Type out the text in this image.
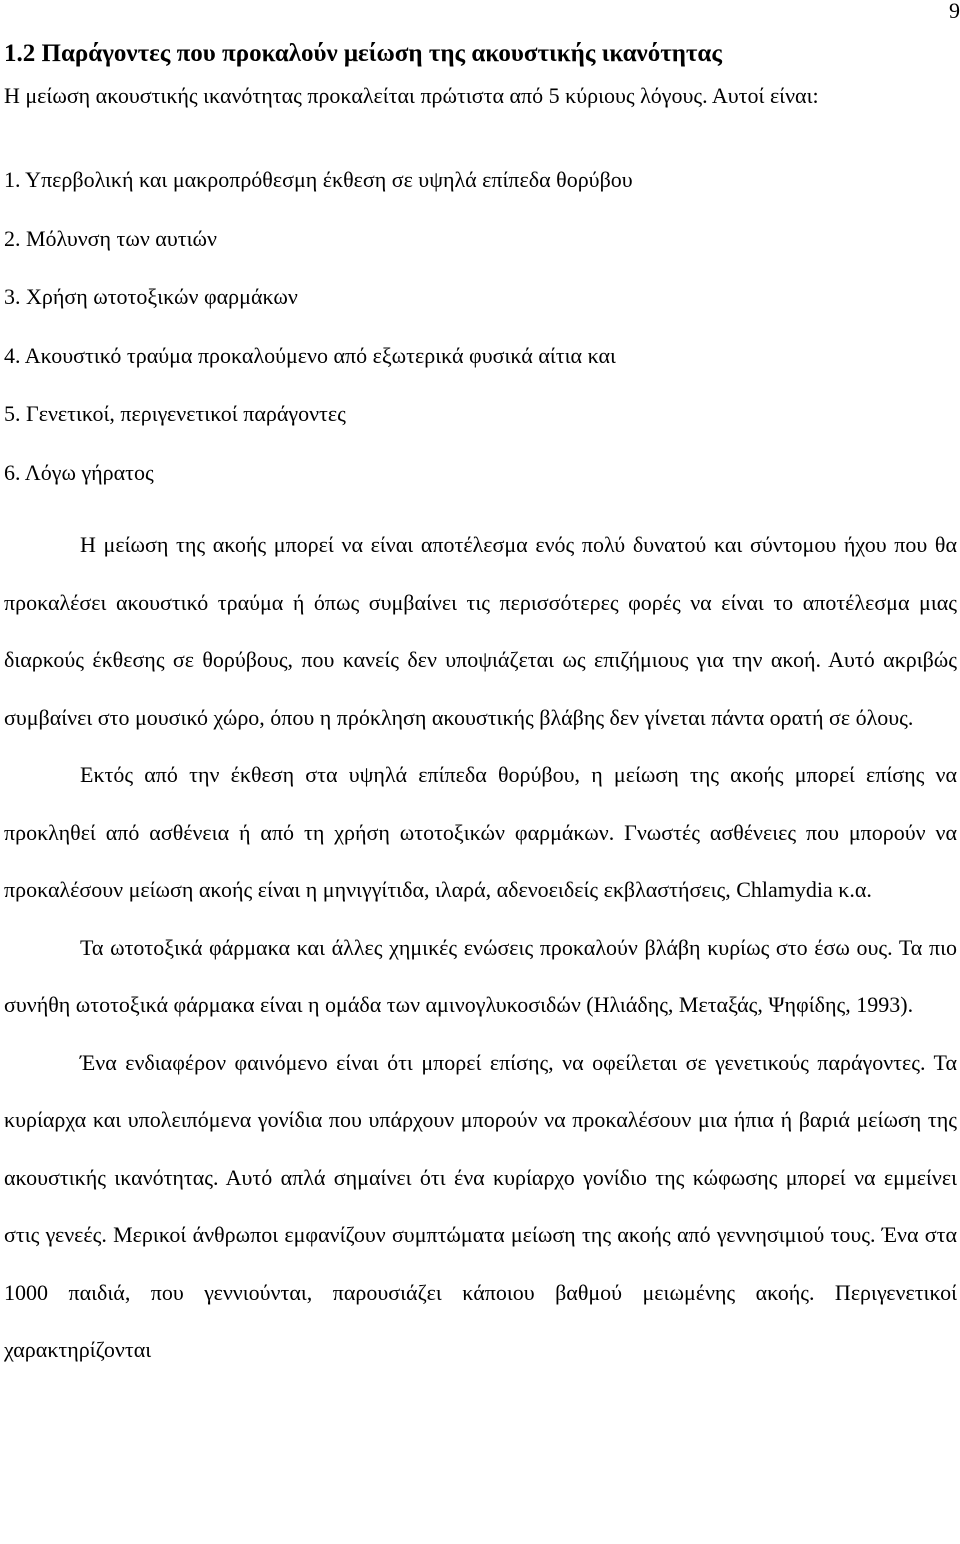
9
1.2 Παράγοντες που προκαλούν μείωση της ακουστικής ικανότητας
Η μείωση ακουστικής ικανότητας προκαλείται πρώτιστα από 5 κύριους λόγους. Αυτοί είναι:
1. Υπερβολική και μακροπρόθεσμη έκθεση σε υψηλά επίπεδα θορύβου
2. Μόλυνση των αυτιών
3. Χρήση ωτοτοξικών φαρμάκων
4. Ακουστικό τραύμα προκαλούμενο από εξωτερικά φυσικά αίτια και
5. Γενετικοί, περιγενετικοί παράγοντες
6. Λόγω γήρατος

Η μείωση της ακοής μπορεί να είναι αποτέλεσμα ενός πολύ δυνατού και σύντομου ήχου που θα προκαλέσει ακουστικό τραύμα ή όπως συμβαίνει τις περισσότερες φορές να είναι το αποτέλεσμα μιας διαρκούς έκθεσης σε θορύβους, που κανείς δεν υποψιάζεται ως επιζήμιους για την ακοή. Αυτό ακριβώς συμβαίνει στο μουσικό χώρο, όπου η πρόκληση ακουστικής βλάβης δεν γίνεται πάντα ορατή σε όλους.

Εκτός από την έκθεση στα υψηλά επίπεδα θορύβου, η μείωση της ακοής μπορεί επίσης να προκληθεί από ασθένεια ή από τη χρήση ωτοτοξικών φαρμάκων. Γνωστές ασθένειες που μπορούν να προκαλέσουν μείωση ακοής είναι η μηνιγγίτιδα, ιλαρά, αδενοειδείς εκβλαστήσεις, Chlamydia κ.α.

Τα ωτοτοξικά φάρμακα και άλλες χημικές ενώσεις προκαλούν βλάβη κυρίως στο έσω ους. Τα πιο συνήθη ωτοτοξικά φάρμακα είναι η ομάδα των αμινογλυκοσιδών (Ηλιάδης, Μεταξάς, Ψηφίδης, 1993).

Ένα ενδιαφέρον φαινόμενο είναι ότι μπορεί επίσης, να οφείλεται σε γενετικούς παράγοντες. Τα κυρίαρχα και υπολειπόμενα γονίδια που υπάρχουν μπορούν να προκαλέσουν μια ήπια ή βαριά μείωση της ακουστικής ικανότητας. Αυτό απλά σημαίνει ότι ένα κυρίαρχο γονίδιο της κώφωσης μπορεί να εμμείνει στις γενεές. Μερικοί άνθρωποι εμφανίζουν συμπτώματα μείωση της ακοής από γεννησιμιού τους. Ένα στα 1000 παιδιά, που γεννιούνται, παρουσιάζει κάποιου βαθμού μειωμένης ακοής. Περιγενετικοί χαρακτηρίζονται
